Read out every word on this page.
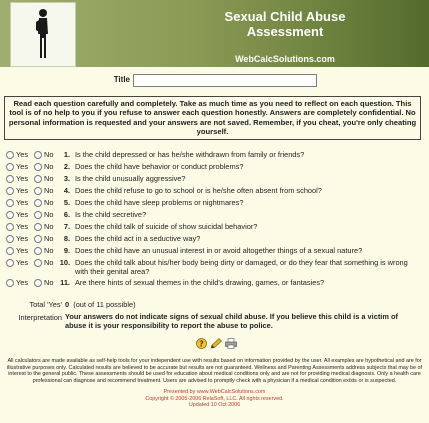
Sexual Child Abuse
Assessment
WebCalcSolutions.com
Title
Read each question carefully and completely. Take as much time as you need to reflect on each question. This tool is of no help to you if you refuse to answer each question honestly. Answers are completely confidential. No personal information is requested and your answers are not saved. Remember, if you cheat, you're only cheating yourself.
Yes No	1. Is the child depressed or has he/she withdrawn from family or friends?
Yes No	2. Does the child have behavior or conduct problems?
Yes No	3. Is the child unusually aggressive?
Yes No	4. Does the child refuse to go to school or is he/she often absent from school?
Yes No	5. Does the child have sleep problems or nightmares?
Yes No	6. Is the child secretive?
Yes No	7. Does the child talk of suicide of show suicidal behavior?
Yes No	8. Does the child act in a seductive way?
Yes No	9. Does the child have an unusual interest in or avoid altogether things of a sexual nature?
Yes No 10. Does the child talk about his/her body being dirty or damaged, or do they fear that something is wrong with their genital area?
Yes No 11. Are there hints of sexual themes in the child's drawing, games, or fantasies?
Total 'Yes' 0 (out of 11 possible)
Interpretation Your answers do not indicate signs of sexual child abuse. If you believe this child is a victim of abuse it is your responsibility to report the abuse to police.
?
All calculators are made available as self-help tools for your independent use with results based on information provided by the user. All examples are hypothetical and are for illustrative purposes only. Calculated results are believed to be accurate but results are not guaranteed. Wellness and Parenting Assessments address subjects that may be of interest to the general public. These assessments should be used for education about medical conditions only and are not for providing medical diagnosis. Only a health care professional can diagnose and recommend treatment. Users are advised to promptly check with a physician if a medical condition exists or is suspected.
Presented by www.WebCalcSolutions.com
Copyright © 2005-2006 RelaSoft, LLC. All rights reserved.
Updated 10 Oct 2006
